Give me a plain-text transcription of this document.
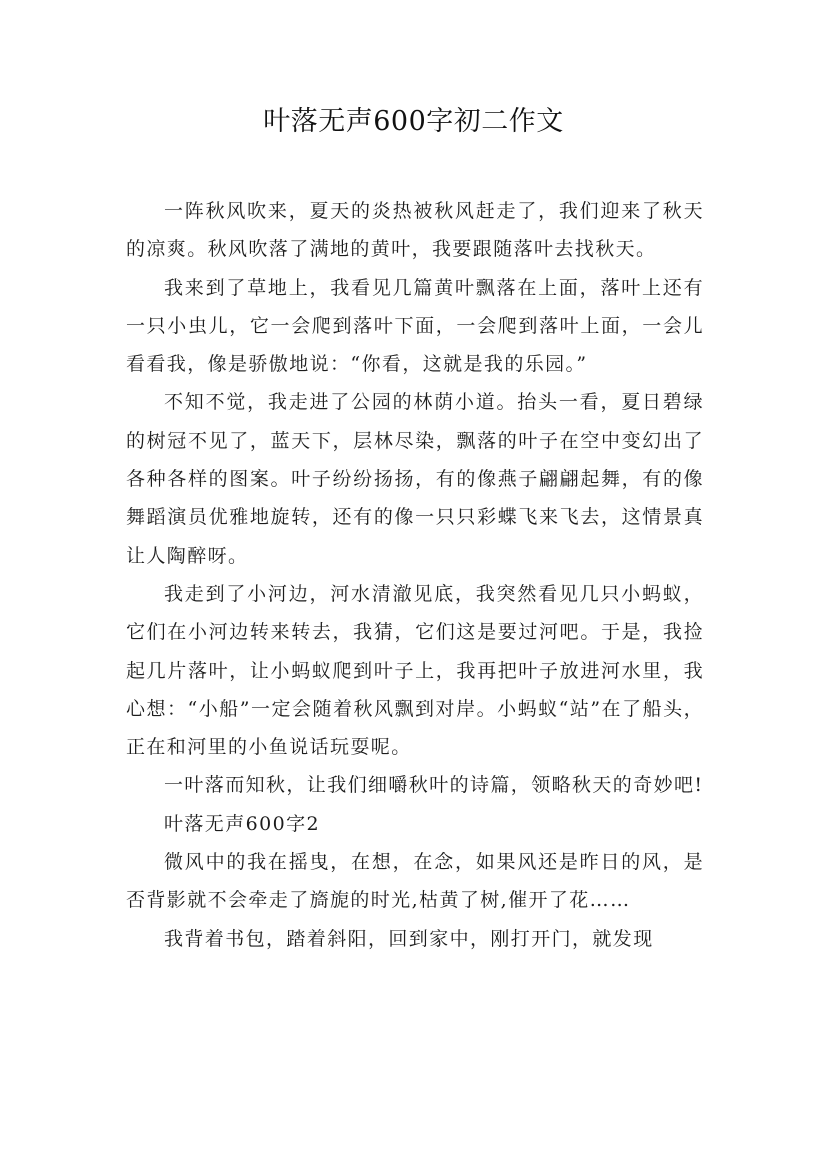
叶落无声600字初二作文

一阵秋风吹来，夏天的炎热被秋风赶走了，我们迎来了秋天的凉爽。秋风吹落了满地的黄叶，我要跟随落叶去找秋天。

我来到了草地上，我看见几篇黄叶飘落在上面，落叶上还有一只小虫儿，它一会爬到落叶下面，一会爬到落叶上面，一会儿看看我，像是骄傲地说：“你看，这就是我的乐园。”

不知不觉，我走进了公园的林荫小道。抬头一看，夏日碧绿的树冠不见了，蓝天下，层林尽染，飘落的叶子在空中变幻出了各种各样的图案。叶子纷纷扬扬，有的像燕子翩翩起舞，有的像舞蹈演员优雅地旋转，还有的像一只只彩蝶飞来飞去，这情景真让人陶醉呀。

我走到了小河边，河水清澈见底，我突然看见几只小蚂蚁，它们在小河边转来转去，我猜，它们这是要过河吧。于是，我捡起几片落叶，让小蚂蚁爬到叶子上，我再把叶子放进河水里，我心想：“小船”一定会随着秋风飘到对岸。小蚂蚁“站”在了船头，正在和河里的小鱼说话玩耍呢。

一叶落而知秋，让我们细嚼秋叶的诗篇，领略秋天的奇妙吧!

叶落无声600字2

微风中的我在摇曳，在想，在念，如果风还是昨日的风，是否背影就不会牵走了旖旎的时光,枯黄了树,催开了花……

我背着书包，踏着斜阳，回到家中，刚打开门，就发现
